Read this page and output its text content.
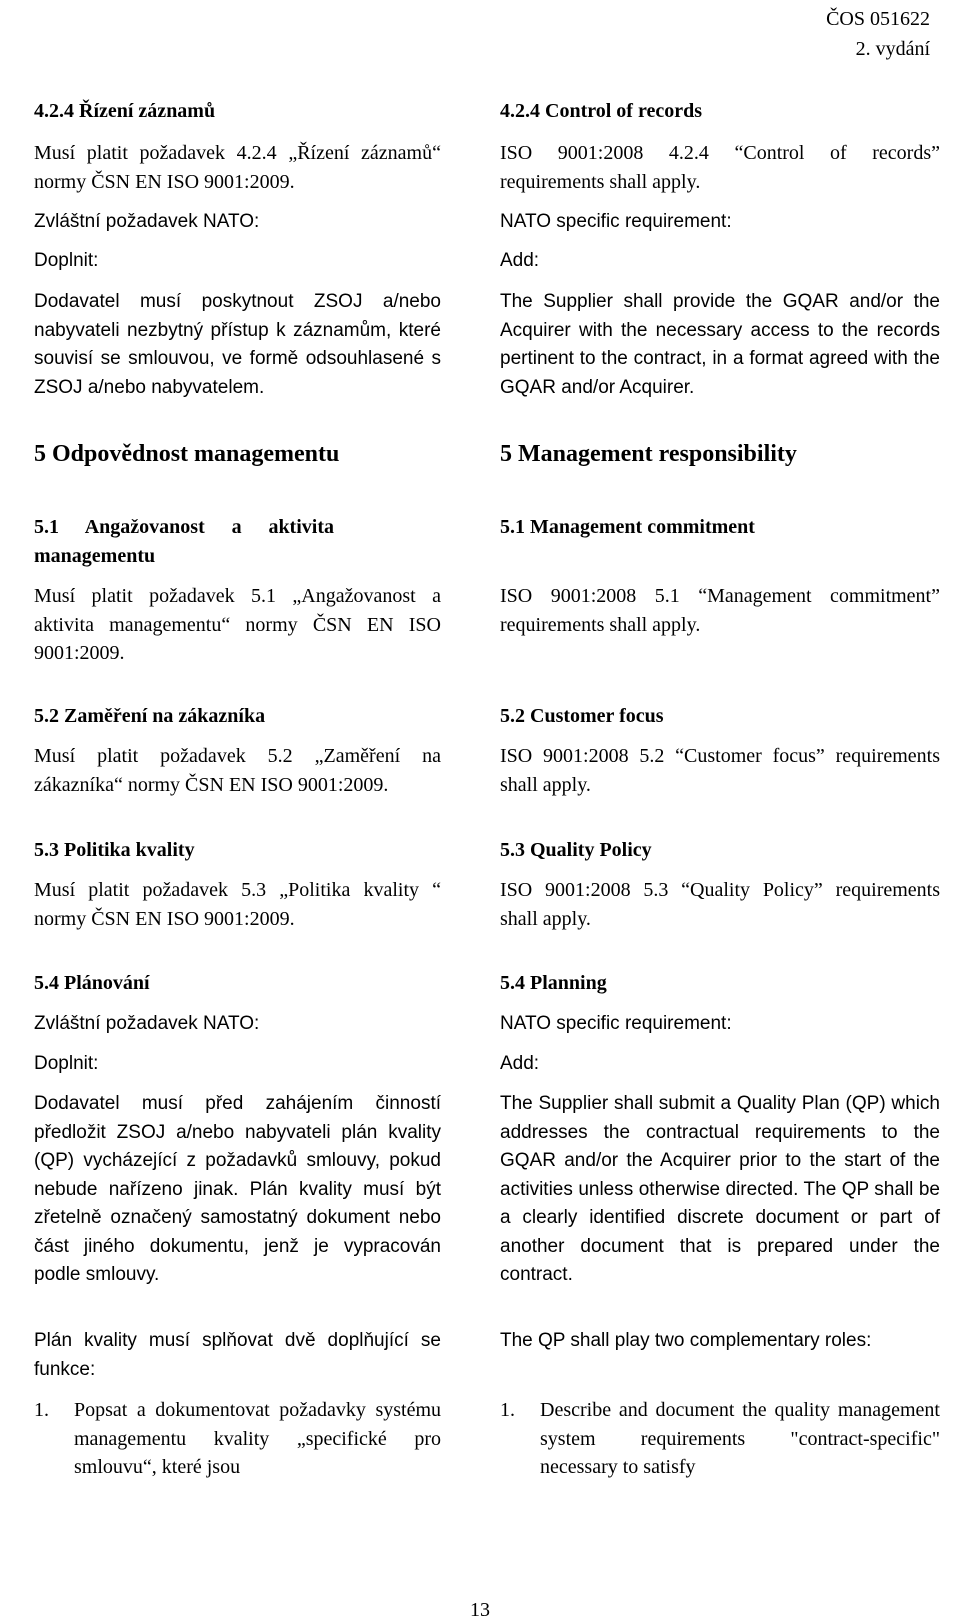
ČOS 051622
2. vydání

4.2.4 Řízení záznamů

Musí platit požadavek 4.2.4 „Řízení záznamů“ normy ČSN EN ISO 9001:2009.

Zvláštní požadavek NATO:

Doplnit:

Dodavatel musí poskytnout ZSOJ a/nebo nabyvateli nezbytný přístup k záznamům, které souvisí se smlouvou, ve formě odsouhlasené s ZSOJ a/nebo nabyvatelem.

5 Odpovědnost managementu

5.1 Angažovanost a aktivita managementu

Musí platit požadavek 5.1 „Angažovanost a aktivita managementu“ normy ČSN EN ISO 9001:2009.

5.2 Zaměření na zákazníka

Musí platit požadavek 5.2 „Zaměření na zákazníka“ normy ČSN EN ISO 9001:2009.

5.3 Politika kvality

Musí platit požadavek 5.3 „Politika kvality “ normy ČSN EN ISO 9001:2009.

5.4 Plánování

Zvláštní požadavek NATO:

Doplnit:

Dodavatel musí před zahájením činností předložit ZSOJ a/nebo nabyvateli plán kvality (QP) vycházející z požadavků smlouvy, pokud nebude nařízeno jinak. Plán kvality musí být zřetelně označený samostatný dokument nebo část jiného dokumentu, jenž je vypracován podle smlouvy.

Plán kvality musí splňovat dvě doplňující se funkce:

1.	Popsat a dokumentovat požadavky systému managementu kvality „specifické pro smlouvu“, které jsou

4.2.4 Control of records

ISO 9001:2008 4.2.4 “Control of records” requirements shall apply.

NATO specific requirement:

Add:

The Supplier shall provide the GQAR and/or the Acquirer with the necessary access to the records pertinent to the contract, in a format agreed with the GQAR and/or Acquirer.

5 Management responsibility

5.1 Management commitment

ISO 9001:2008 5.1 “Management commitment” requirements shall apply.

5.2 Customer focus

ISO 9001:2008 5.2 “Customer focus” requirements shall apply.

5.3 Quality Policy

ISO 9001:2008 5.3 “Quality Policy” requirements shall apply.

5.4 Planning

NATO specific requirement:

Add:

The Supplier shall submit a Quality Plan (QP) which addresses the contractual requirements to the GQAR and/or the Acquirer prior to the start of the activities unless otherwise directed. The QP shall be a clearly identified discrete document or part of another document that is prepared under the contract.

The QP shall play two complementary roles:

1.	Describe and document the quality management system requirements "contract-specific" necessary to satisfy
13
